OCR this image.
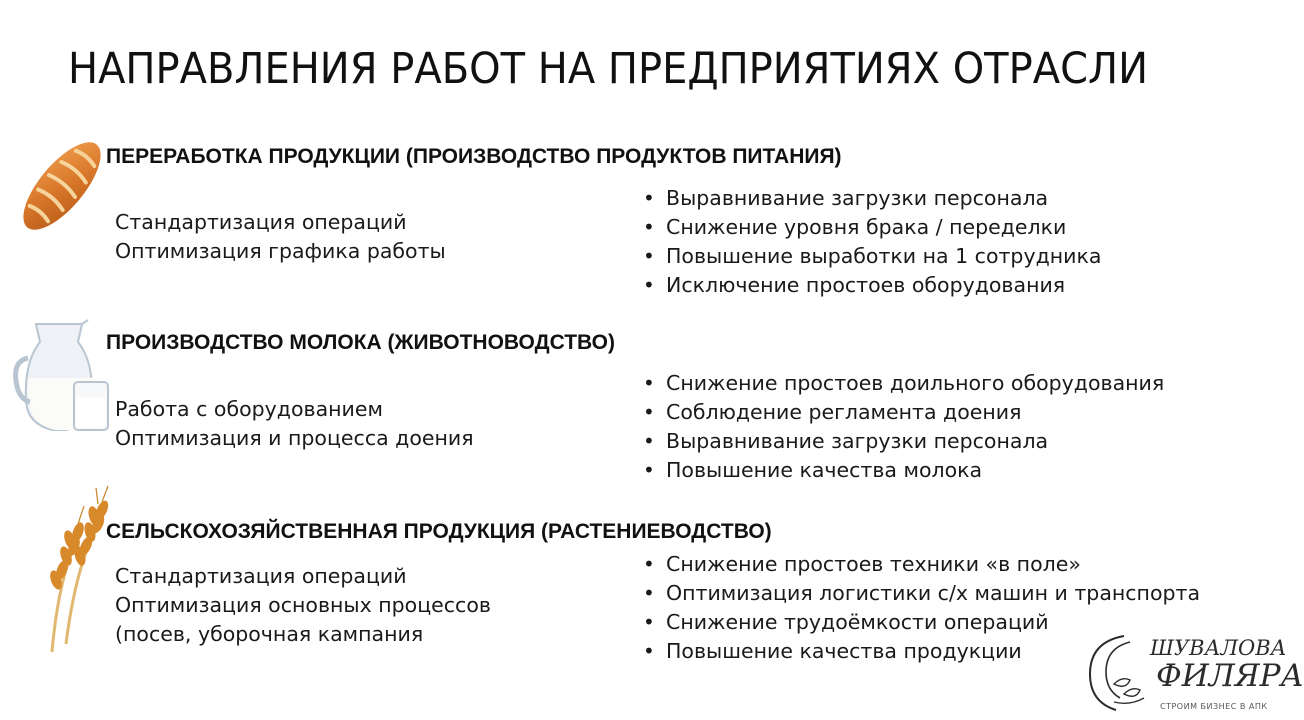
НАПРАВЛЕНИЯ РАБОТ НА ПРЕДПРИЯТИЯХ ОТРАСЛИ
ПЕРЕРАБОТКА ПРОДУКЦИИ (ПРОИЗВОДСТВО ПРОДУКТОВ ПИТАНИЯ)
Стандартизация операций
Оптимизация графика работы
• Выравнивание загрузки персонала
• Снижение уровня брака / переделки
• Повышение выработки на 1 сотрудника
• Исключение простоев оборудования
ПРОИЗВОДСТВО МОЛОКА (ЖИВОТНОВОДСТВО)
Работа с оборудованием
Оптимизация и процесса доения
• Снижение простоев доильного оборудования
• Соблюдение регламента доения
• Выравнивание загрузки персонала
• Повышение качества молока
СЕЛЬСКОХОЗЯЙСТВЕННАЯ ПРОДУКЦИЯ (РАСТЕНИЕВОДСТВО)
Стандартизация операций
Оптимизация основных процессов
(посев, уборочная кампания
• Снижение простоев техники «в поле»
• Оптимизация логистики с/х машин и транспорта
• Снижение трудоёмкости операций
• Повышение качества продукции	ШУВАЛОВА
ФИЛЯРА
СТРОИМ БИЗНЕС В АПК
